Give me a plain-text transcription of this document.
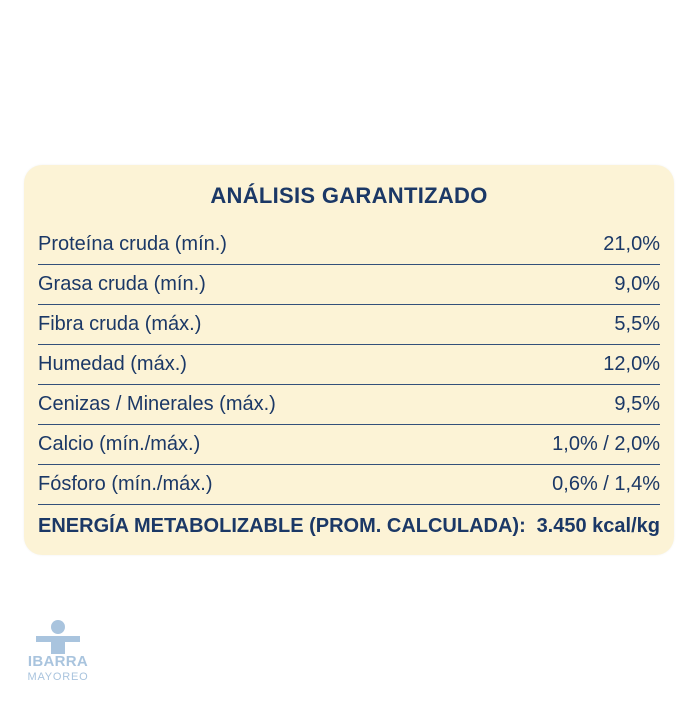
ANÁLISIS GARANTIZADO
Proteína cruda (mín.)	21,0%
Grasa cruda (mín.)	9,0%
Fibra cruda (máx.)	5,5%
Humedad (máx.)	12,0%
Cenizas / Minerales (máx.)	9,5%
Calcio (mín./máx.)	1,0% / 2,0%
Fósforo (mín./máx.)	0,6% / 1,4%
ENERGÍA METABOLIZABLE (PROM. CALCULADA): 3.450 kcal/kg
IBARRA
MAYOREO
